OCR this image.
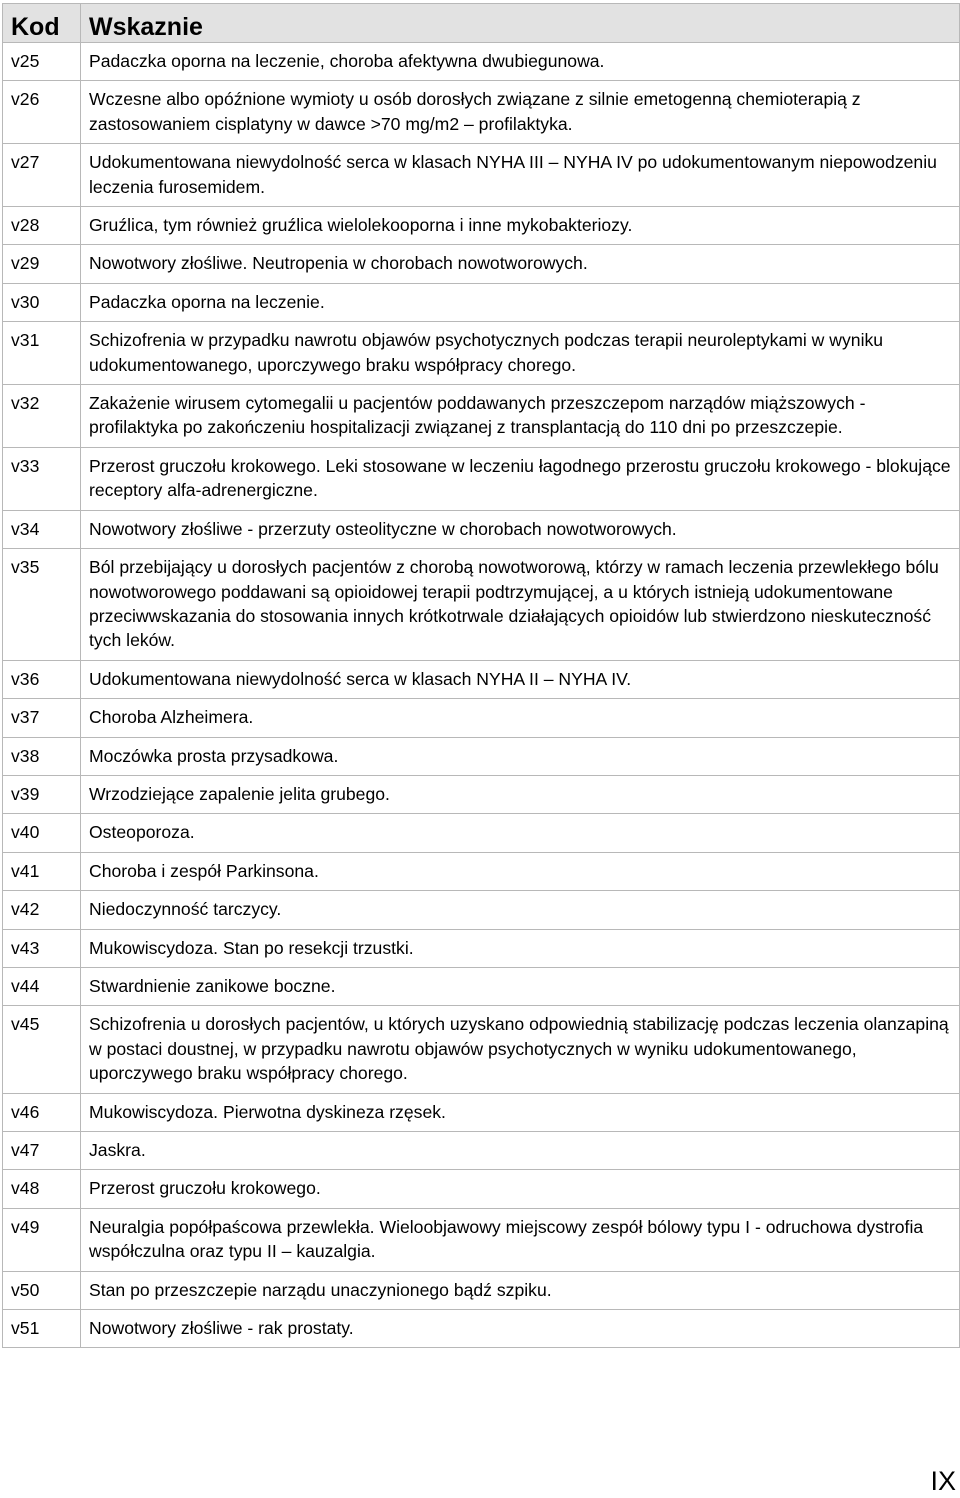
Kod	Wskaznie
v25	Padaczka oporna na leczenie, choroba afektywna dwubiegunowa.
v26	Wczesne albo opóźnione wymioty u osób dorosłych związane z silnie emetogenną chemioterapią z zastosowaniem cisplatyny w dawce >70 mg/m2 – profilaktyka.
v27	Udokumentowana niewydolność serca w klasach NYHA III – NYHA IV po udokumentowanym niepowodzeniu leczenia furosemidem.
v28	Gruźlica, tym również gruźlica wielolekooporna i inne mykobakteriozy.
v29	Nowotwory złośliwe. Neutropenia w chorobach nowotworowych.
v30	Padaczka oporna na leczenie.
v31	Schizofrenia w przypadku nawrotu objawów psychotycznych podczas terapii neuroleptykami w wyniku udokumentowanego, uporczywego braku współpracy chorego.
v32	Zakażenie wirusem cytomegalii u pacjentów poddawanych przeszczepom narządów miąższowych - profilaktyka po zakończeniu hospitalizacji związanej z transplantacją do 110 dni po przeszczepie.
v33	Przerost gruczołu krokowego. Leki stosowane w leczeniu łagodnego przerostu gruczołu krokowego - blokujące receptory alfa-adrenergiczne.
v34	Nowotwory złośliwe - przerzuty osteolityczne w chorobach nowotworowych.
v35	Ból przebijający u dorosłych pacjentów z chorobą nowotworową, którzy w ramach leczenia przewlekłego bólu nowotworowego poddawani są opioidowej terapii podtrzymującej, a u których istnieją udokumentowane przeciwwskazania do stosowania innych krótkotrwale działających opioidów lub stwierdzono nieskuteczność tych leków.
v36	Udokumentowana niewydolność serca w klasach NYHA II – NYHA IV.
v37	Choroba Alzheimera.
v38	Moczówka prosta przysadkowa.
v39	Wrzodziejące zapalenie jelita grubego.
v40	Osteoporoza.
v41	Choroba i zespół Parkinsona.
v42	Niedoczynność tarczycy.
v43	Mukowiscydoza. Stan po resekcji trzustki.
v44	Stwardnienie zanikowe boczne.
v45	Schizofrenia u dorosłych pacjentów, u których uzyskano odpowiednią stabilizację podczas leczenia olanzapiną w postaci doustnej, w przypadku nawrotu objawów psychotycznych w wyniku udokumentowanego, uporczywego braku współpracy chorego.
v46	Mukowiscydoza. Pierwotna dyskineza rzęsek.
v47	Jaskra.
v48	Przerost gruczołu krokowego.
v49	Neuralgia popółpaścowa przewlekła. Wieloobjawowy miejscowy zespół bólowy typu I - odruchowa dystrofia współczulna oraz typu II – kauzalgia.
v50	Stan po przeszczepie narządu unaczynionego bądź szpiku.
v51	Nowotwory złośliwe - rak prostaty.
IX
